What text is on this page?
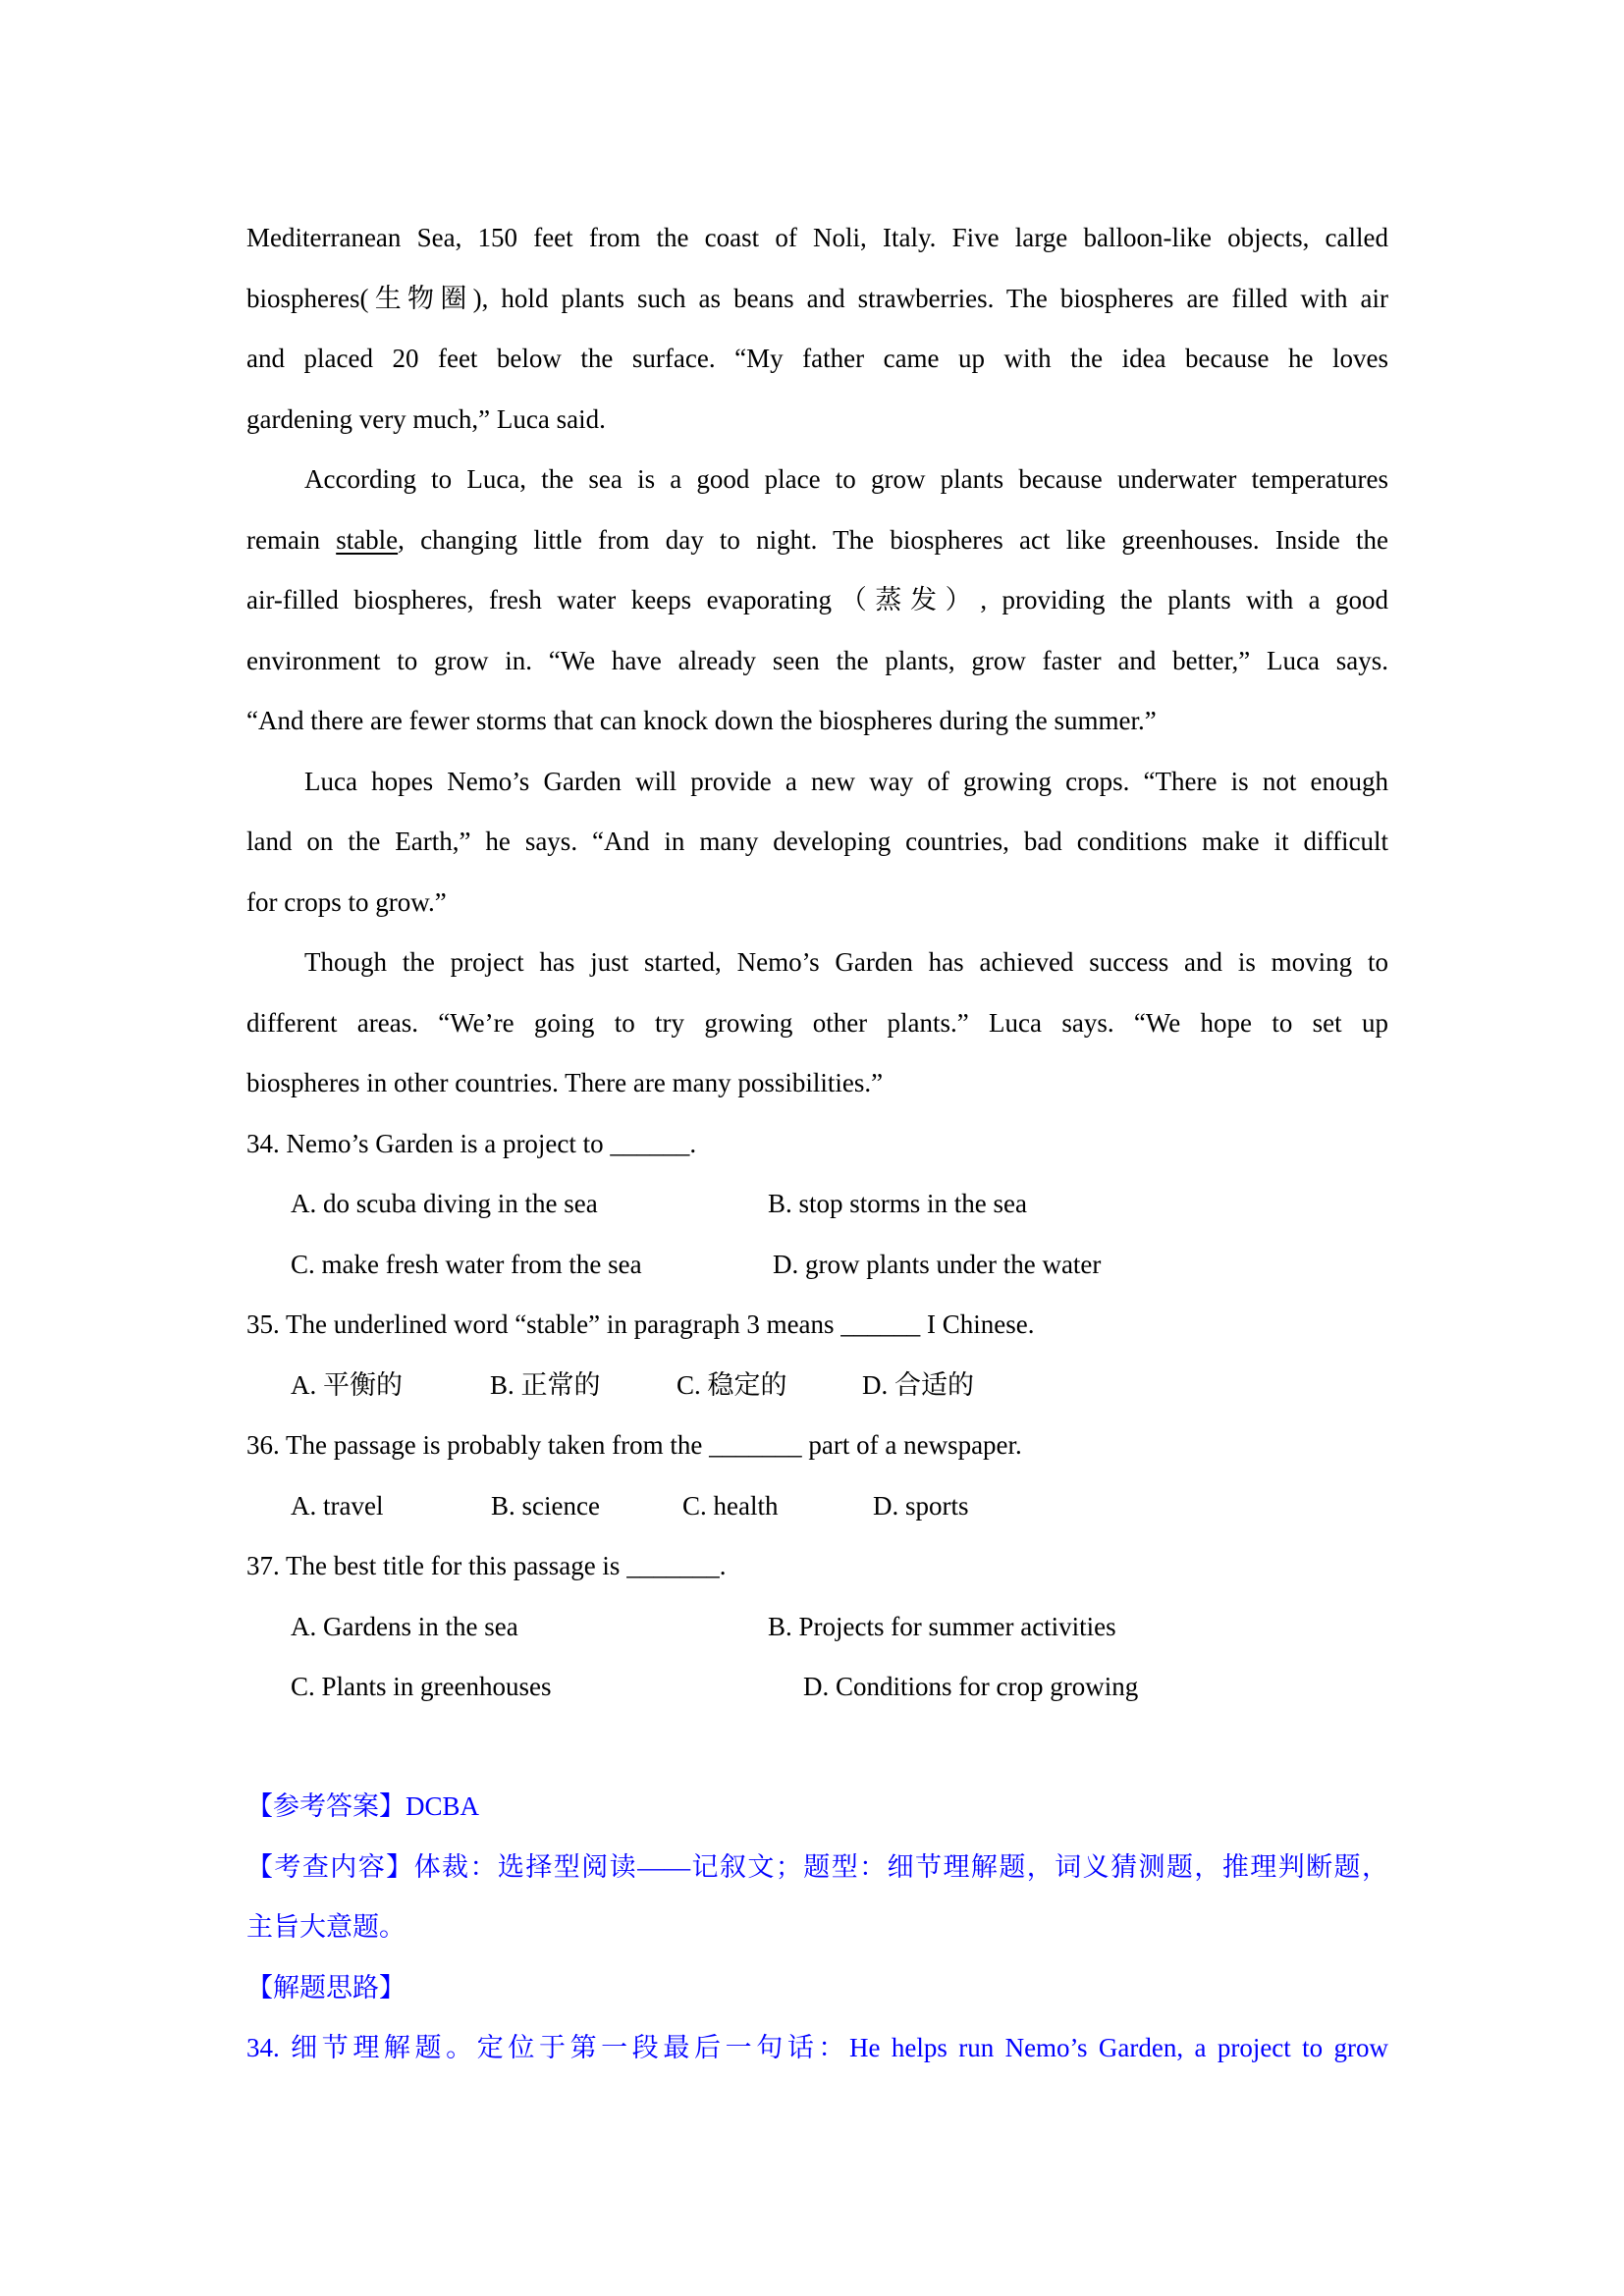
Mediterranean Sea, 150 feet from the coast of Noli, Italy. Five large balloon-like objects, called
biospheres(生物圈), hold plants such as beans and strawberries. The biospheres are filled with air
and placed 20 feet below the surface. “My father came up with the idea because he loves
gardening very much,” Luca said.
According to Luca, the sea is a good place to grow plants because underwater temperatures
remain stable, changing little from day to night. The biospheres act like greenhouses. Inside the
air-filled biospheres, fresh water keeps evaporating（蒸发）, providing the plants with a good
environment to grow in. “We have already seen the plants, grow faster and better,” Luca says.
“And there are fewer storms that can knock down the biospheres during the summer.”
Luca hopes Nemo’s Garden will provide a new way of growing crops. “There is not enough
land on the Earth,” he says. “And in many developing countries, bad conditions make it difficult
for crops to grow.”
Though the project has just started, Nemo’s Garden has achieved success and is moving to
different areas. “We’re going to try growing other plants.” Luca says. “We hope to set up
biospheres in other countries. There are many possibilities.”
34. Nemo’s Garden is a project to ______.
A. do scuba diving in the sea	B. stop storms in the sea
C. make fresh water from the sea	D. grow plants under the water
35. The underlined word “stable” in paragraph 3 means ______ I Chinese.
A. 平衡的	B. 正常的	C. 稳定的	D. 合适的
36. The passage is probably taken from the _______ part of a newspaper.
A. travel	B. science	C. health	D. sports
37. The best title for this passage is _______.
A. Gardens in the sea	B. Projects for summer activities
C. Plants in greenhouses	D. Conditions for crop growing
【参考答案】DCBA
【考查内容】体裁：选择型阅读——记叙文；题型：细节理解题，词义猜测题，推理判断题，
主旨大意题。
【解题思路】
34. 细节理解题。定位于第一段最后一句话：He helps run Nemo’s Garden, a project to grow
